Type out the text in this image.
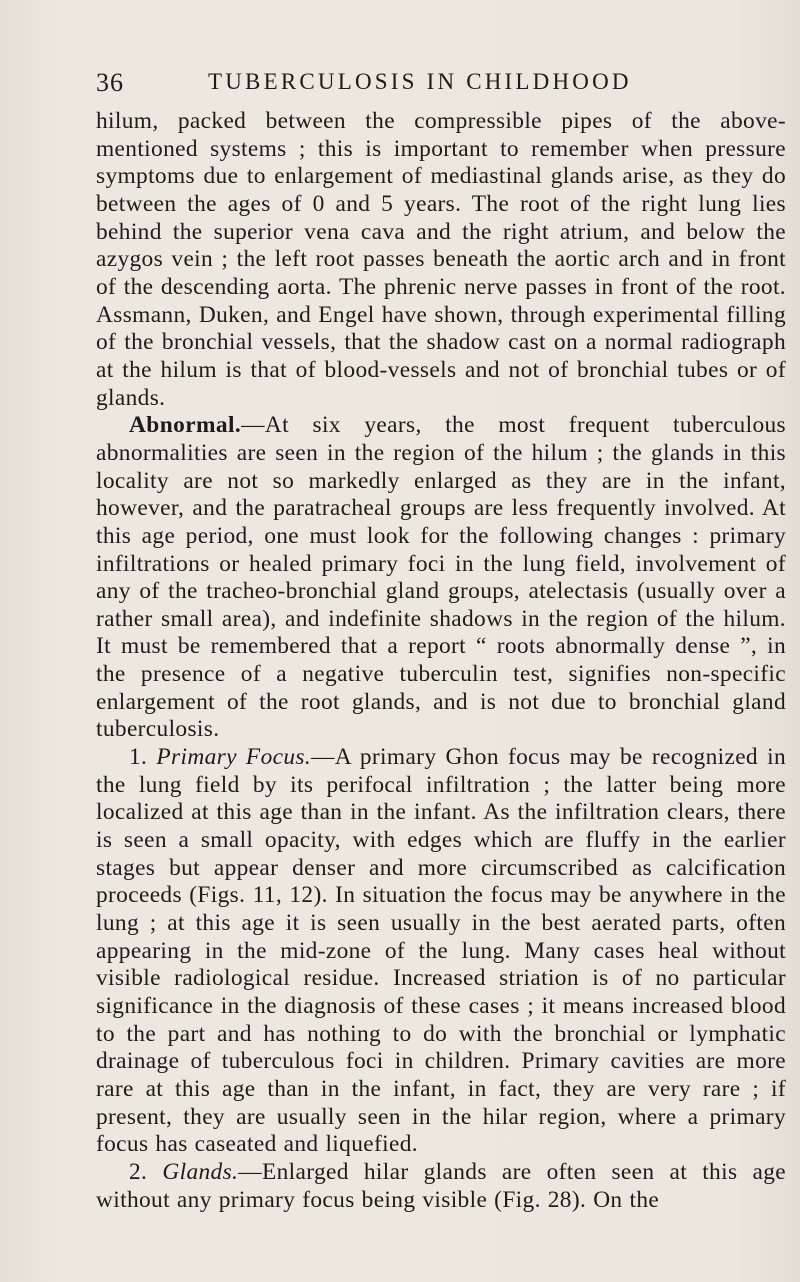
36	TUBERCULOSIS IN CHILDHOOD

hilum, packed between the compressible pipes of the above-mentioned systems ; this is important to remember when pressure symptoms due to enlargement of mediastinal glands arise, as they do between the ages of 0 and 5 years. The root of the right lung lies behind the superior vena cava and the right atrium, and below the azygos vein ; the left root passes beneath the aortic arch and in front of the descending aorta. The phrenic nerve passes in front of the root. Assmann, Duken, and Engel have shown, through experimental filling of the bronchial vessels, that the shadow cast on a normal radiograph at the hilum is that of blood-vessels and not of bronchial tubes or of glands.

Abnormal.—At six years, the most frequent tuberculous abnormalities are seen in the region of the hilum ; the glands in this locality are not so markedly enlarged as they are in the infant, however, and the paratracheal groups are less frequently involved. At this age period, one must look for the following changes : primary infiltrations or healed primary foci in the lung field, involvement of any of the tracheo-bronchial gland groups, atelectasis (usually over a rather small area), and indefinite shadows in the region of the hilum. It must be remembered that a report “ roots abnormally dense ”, in the presence of a negative tuberculin test, signifies non-specific enlargement of the root glands, and is not due to bronchial gland tuberculosis.

1. Primary Focus.—A primary Ghon focus may be recognized in the lung field by its perifocal infiltration ; the latter being more localized at this age than in the infant. As the infiltration clears, there is seen a small opacity, with edges which are fluffy in the earlier stages but appear denser and more circumscribed as calcification proceeds (Figs. 11, 12). In situation the focus may be anywhere in the lung ; at this age it is seen usually in the best aerated parts, often appearing in the mid-zone of the lung. Many cases heal without visible radiological residue. Increased striation is of no particular significance in the diagnosis of these cases ; it means increased blood to the part and has nothing to do with the bronchial or lymphatic drainage of tuberculous foci in children. Primary cavities are more rare at this age than in the infant, in fact, they are very rare ; if present, they are usually seen in the hilar region, where a primary focus has caseated and liquefied.

2. Glands.—Enlarged hilar glands are often seen at this age without any primary focus being visible (Fig. 28). On the
